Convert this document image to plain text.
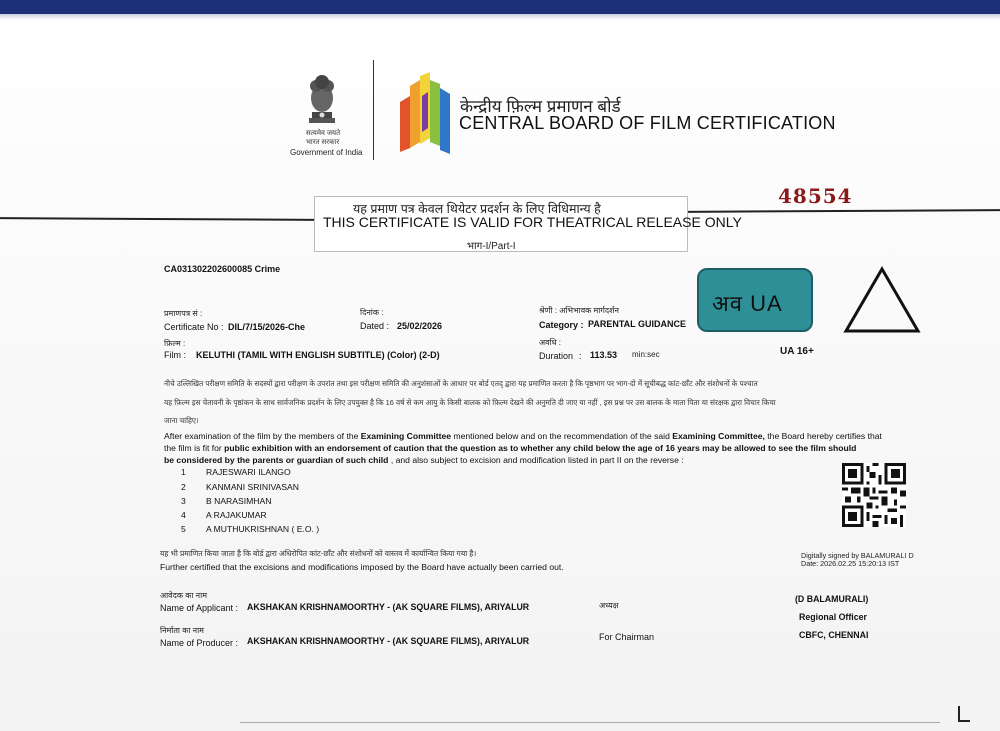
सत्यमेव जयते
भारत सरकार
Government of India
केन्द्रीय फ़िल्म प्रमाणन बोर्ड
CENTRAL BOARD OF FILM CERTIFICATION
48554
यह प्रमाण पत्र केवल थियेटर प्रदर्शन के लिए विधिमान्य है
THIS CERTIFICATE IS VALID FOR THEATRICAL RELEASE ONLY
भाग-I/Part-I
CA031302202600085 Crime
प्रमाणपत्र सं :
Certificate No : DIL/7/15/2026-Che
दिनांक :
Dated : 25/02/2026
श्रेणी : अभिभावक मार्गदर्शन
Category : PARENTAL GUIDANCE
अव UA
फ़िल्म :
Film : KELUTHI (TAMIL WITH ENGLISH SUBTITLE) (Color) (2-D)
अवधि :
Duration : 113.53 min:sec	UA 16+
नीचे उल्लिखित परीक्षण समिति के सदस्यों द्वारा परीक्षण के उपरांत तथा इस परीक्षण समिति की अनुशंसाओं के आधार पर बोर्ड एतद् द्वारा यह प्रमाणित करता है कि पृष्ठभाग पर भाग-दो में सूचीबद्ध कांट-छाँट और संशोधनों के पश्चात
यह फ़िल्म इस चेतावनी के पृष्ठांकन के साथ सार्वजनिक प्रदर्शन के लिए उपयुक्त है कि 16 वर्ष से कम आयु के किसी बालक को फ़िल्म देखने की अनुमति दी जाए या नहीं , इस प्रश्न पर उस बालक के माता पिता या संरक्षक द्वारा विचार किया
जाना चाहिए।
After examination of the film by the members of the Examining Committee mentioned below and on the recommendation of the said Examining Committee, the Board hereby certifies that
the film is fit for public exhibition with an endorsement of caution that the question as to whether any child below the age of 16 years may be allowed to see the film should
be considered by the parents or guardian of such child , and also subject to excision and modification listed in part II on the reverse :
1 RAJESWARI ILANGO
2 KANMANI SRINIVASAN
3 B NARASIMHAN
4 A RAJAKUMAR
5 A MUTHUKRISHNAN ( E.O. )
यह भी प्रमाणित किया जाता है कि बोर्ड द्वारा अधिरोपित कांट-छाँट और संशोधनों को वास्तव में कार्यान्वित किया गया है।
Further certified that the excisions and modifications imposed by the Board have actually been carried out.
Digitally signed by BALAMURALI D
Date: 2026.02.25 15:20:13 IST
आवेदक का नाम
Name of Applicant : AKSHAKAN KRISHNAMOORTHY - (AK SQUARE FILMS), ARIYALUR	अध्यक्ष
(D BALAMURALI)
Regional Officer
निर्माता का नाम
Name of Producer : AKSHAKAN KRISHNAMOORTHY - (AK SQUARE FILMS), ARIYALUR	For Chairman	CBFC, CHENNAI
